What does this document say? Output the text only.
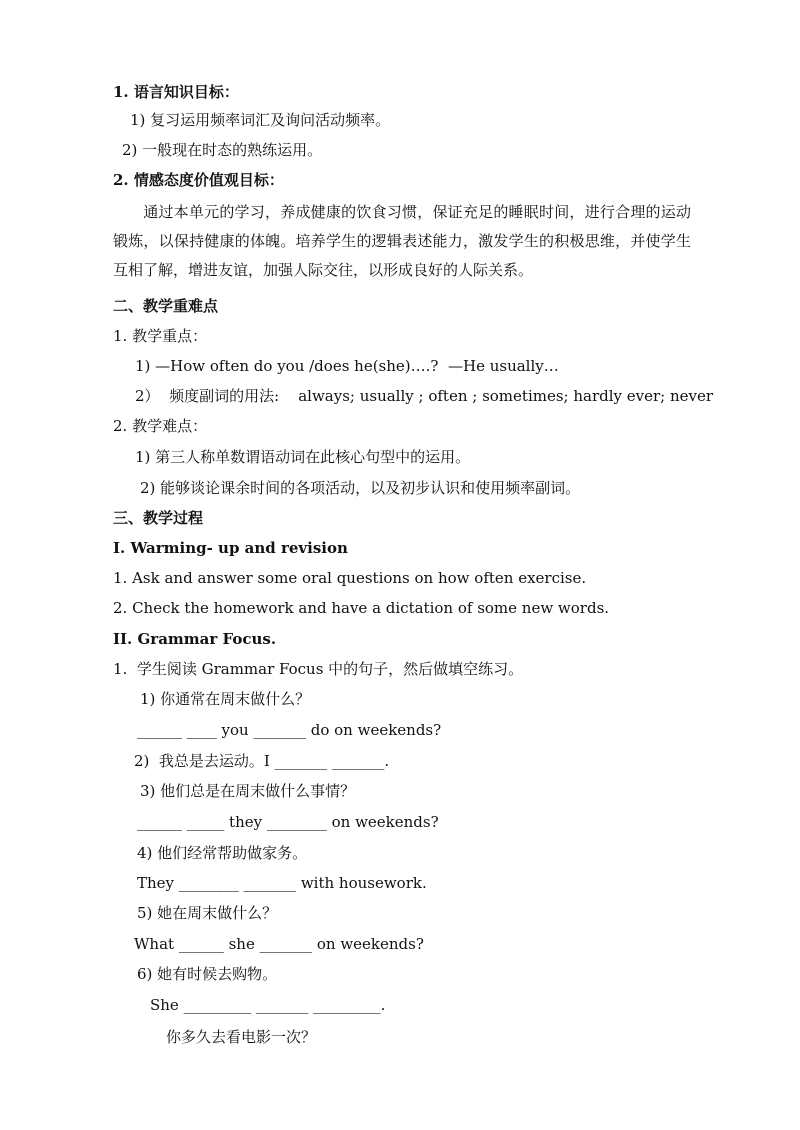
1. 语言知识目标：
1) 复习运用频率词汇及询问活动频率。
2) 一般现在时态的熟练运用。
2. 情感态度价值观目标：
通过本单元的学习，养成健康的饮食习惯，保证充足的睡眠时间，进行合理的运动锻炼，以保持健康的体魄。培养学生的逻辑表述能力，激发学生的积极思维，并使学生互相了解，增进友谊，加强人际交往，以形成良好的人际关系。
二、教学重难点
1. 教学重点：
1) —How often do you /does he(she)….?  —He usually…
2）  频度副词的用法:    always; usually ; often ; sometimes; hardly ever; never
2. 教学难点：
1) 第三人称单数谓语动词在此核心句型中的运用。
2) 能够谈论课余时间的各项活动，以及初步认识和使用频率副词。
三、教学过程
I. Warming- up and revision
1. Ask and answer some oral questions on how often exercise.
2. Check the homework and have a dictation of some new words.
II. Grammar Focus.
1.  学生阅读 Grammar Focus 中的句子，然后做填空练习。
1) 你通常在周末做什么？
______ ____ you _______ do on weekends?
2)  我总是去运动。I _______ _______.
3) 他们总是在周末做什么事情？
______ _____ they ________ on weekends?
4) 他们经常帮助做家务。
They ________ _______ with housework.
5) 她在周末做什么？
What ______ she _______ on weekends?
6) 她有时候去购物。
She _________ _______ _________.
你多久去看电影一次？
